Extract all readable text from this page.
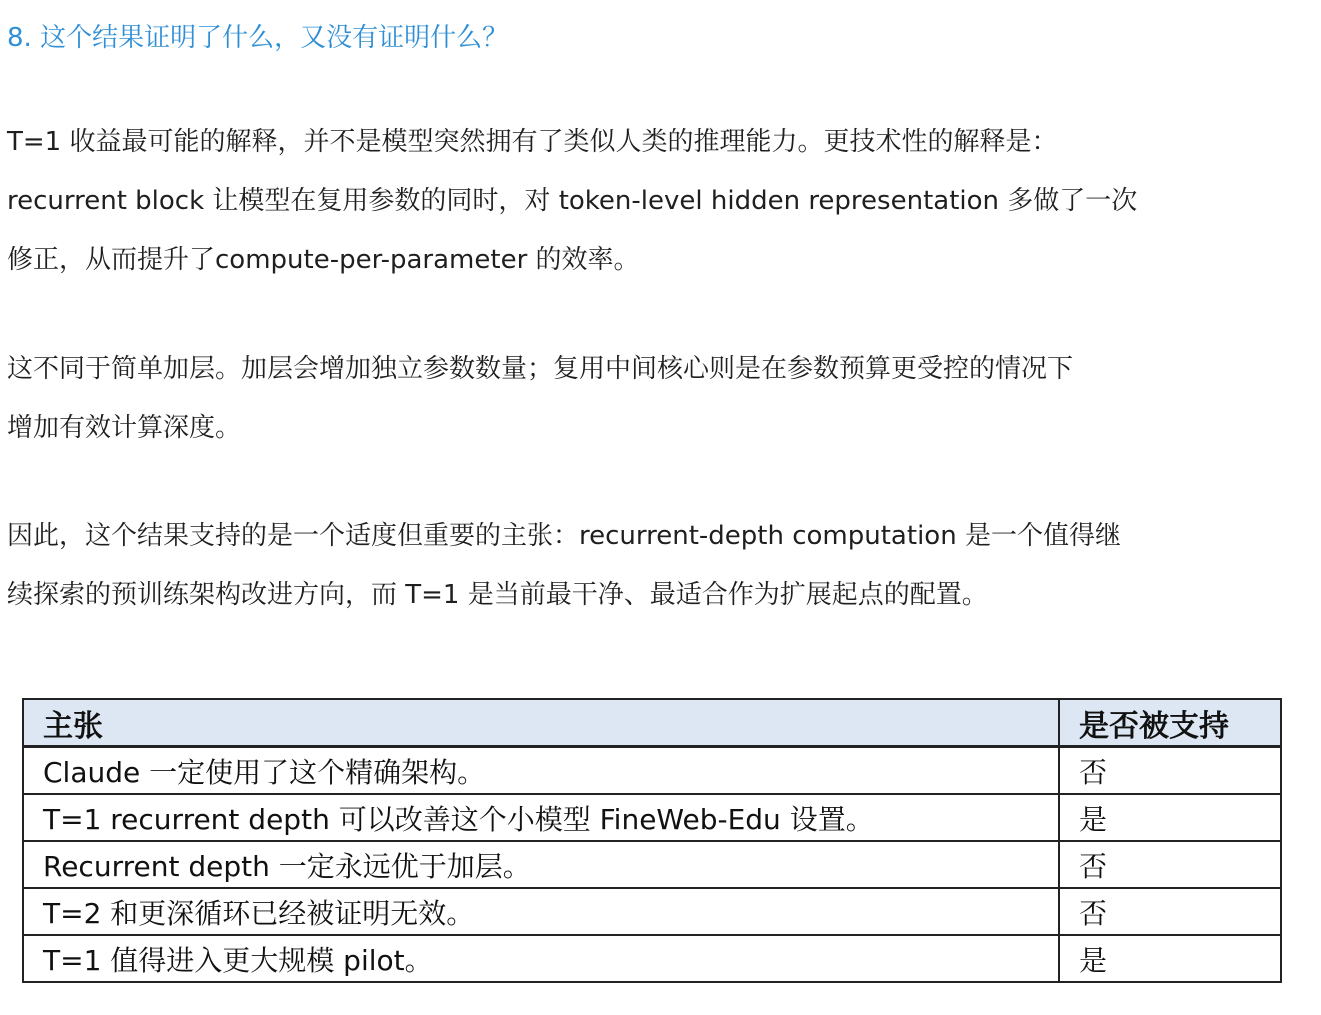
8. 这个结果证明了什么，又没有证明什么？
T=1 收益最可能的解释，并不是模型突然拥有了类似人类的推理能力。更技术性的解释是：
recurrent block 让模型在复用参数的同时，对 token-level hidden representation 多做了一次
修正，从而提升了compute-per-parameter 的效率。
这不同于简单加层。加层会增加独立参数数量；复用中间核心则是在参数预算更受控的情况下
增加有效计算深度。
因此，这个结果支持的是一个适度但重要的主张：recurrent-depth computation 是一个值得继
续探索的预训练架构改进方向，而 T=1 是当前最干净、最适合作为扩展起点的配置。
主张	是否被支持
Claude 一定使用了这个精确架构。	否
T=1 recurrent depth 可以改善这个小模型 FineWeb-Edu 设置。	是
Recurrent depth 一定永远优于加层。	否
T=2 和更深循环已经被证明无效。	否
T=1 值得进入更大规模 pilot。	是
